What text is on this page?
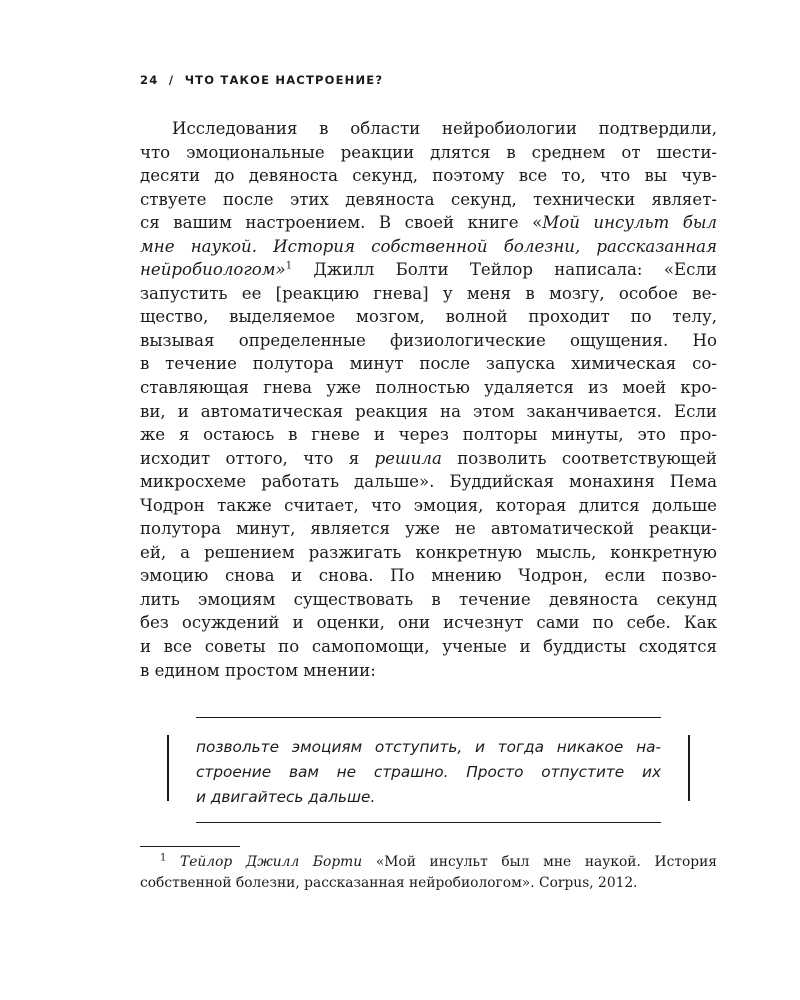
24 / ЧТО ТАКОЕ НАСТРОЕНИЕ?
Исследования в области нейробиологии подтвердили,
что эмоциональные реакции длятся в среднем от шести-
десяти до девяноста секунд, поэтому все то, что вы чув-
ствуете после этих девяноста секунд, технически являет-
ся вашим настроением. В своей книге «Мой инсульт был
мне наукой. История собственной болезни, рассказанная
нейробиологом»$^1$ Джилл Болти Тейлор написала: «Если
запустить ее [реакцию гнева] у меня в мозгу, особое ве-
щество, выделяемое мозгом, волной проходит по телу,
вызывая определенные физиологические ощущения. Но
в течение полутора минут после запуска химическая со-
ставляющая гнева уже полностью удаляется из моей кро-
ви, и автоматическая реакция на этом заканчивается. Если
же я остаюсь в гневе и через полторы минуты, это про-
исходит оттого, что я решила позволить соответствующей
микросхеме работать дальше». Буддийская монахиня Пема
Чодрон также считает, что эмоция, которая длится дольше
полутора минут, является уже не автоматической реакци-
ей, а решением разжигать конкретную мысль, конкретную
эмоцию снова и снова. По мнению Чодрон, если позво-
лить эмоциям существовать в течение девяноста секунд
без осуждений и оценки, они исчезнут сами по себе. Как
и все советы по самопомощи, ученые и буддисты сходятся
в едином простом мнении:
позвольте эмоциям отступить, и тогда никакое на-
строение вам не страшно. Просто отпустите их
и двигайтесь дальше.
$^1$ Тейлор Джилл Борти «Мой инсульт был мне наукой. История
собственной болезни, рассказанная нейробиологом». Corpus, 2012.
